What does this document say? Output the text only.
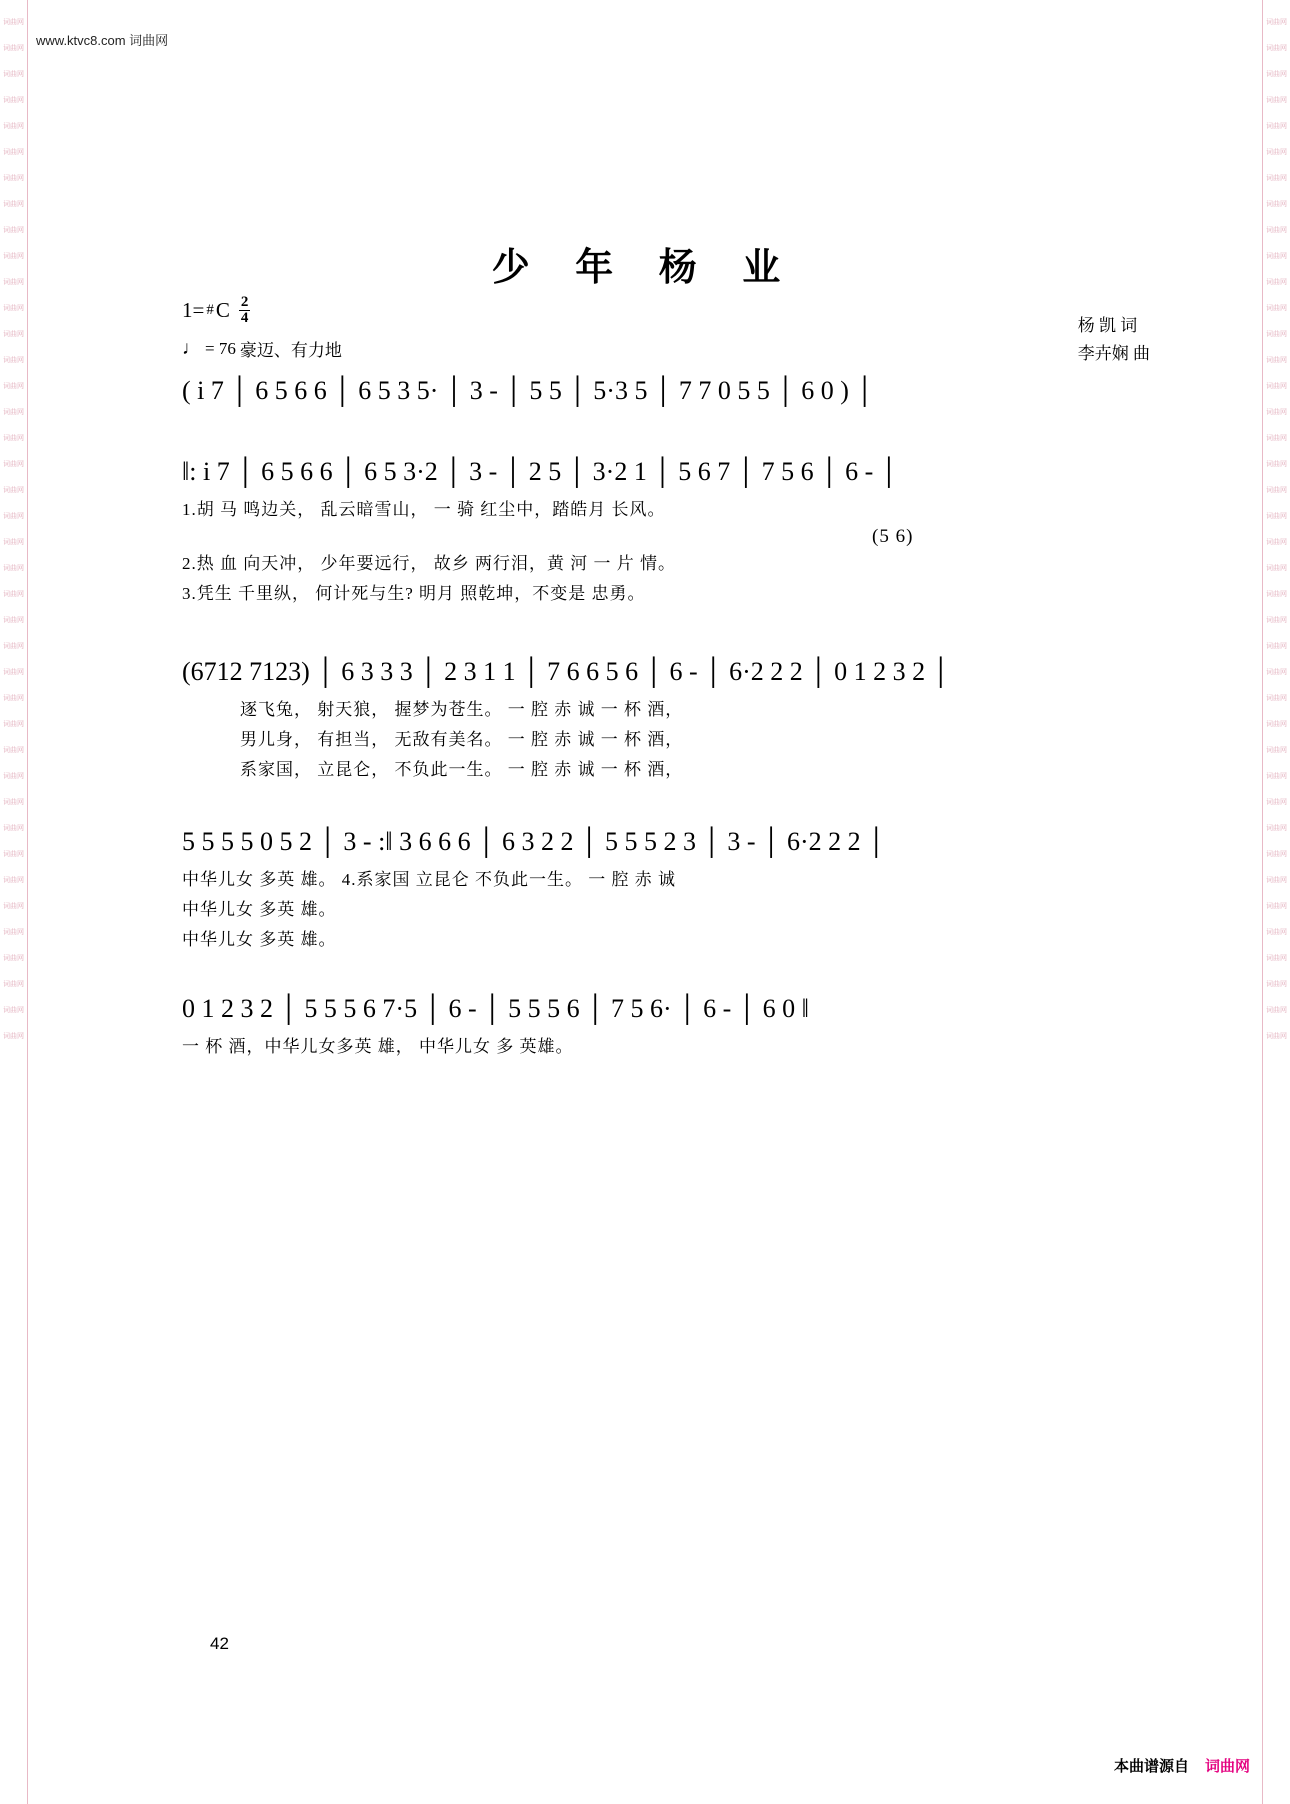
词曲网
词曲网
词曲网
词曲网
词曲网
词曲网
词曲网
词曲网
词曲网
词曲网
词曲网
词曲网
词曲网
词曲网
词曲网
词曲网
词曲网
词曲网
词曲网
词曲网
词曲网
词曲网
词曲网
词曲网
词曲网
词曲网
词曲网
词曲网
词曲网
词曲网
词曲网
词曲网
词曲网
词曲网
词曲网
词曲网
词曲网
词曲网
词曲网
词曲网
词曲网
词曲网
词曲网
词曲网
词曲网
词曲网
词曲网
词曲网
词曲网
词曲网
词曲网
词曲网
词曲网
词曲网
词曲网
词曲网
词曲网
词曲网
词曲网
词曲网
词曲网
词曲网
词曲网
词曲网
词曲网
词曲网
词曲网
词曲网
词曲网
词曲网
词曲网
词曲网
词曲网
词曲网
词曲网
词曲网
词曲网
词曲网
词曲网
词曲网
www.ktvc8.com 词曲网
少 年 杨 业
1= # C $\frac{2}{4}$
♩ = 76 豪迈、有力地
杨 凯 词
李卉娴 曲
( i 7 │ 6 5 6 6 │ 6 5 3 5· │ 3 - │ 5 5 │ 5·3 5 │ 7 7 0 5 5 │ 6 0 ) │
‖: i 7 │ 6 5 6 6 │ 6 5 3·2 │ 3 - │ 2 5 │ 3·2 1 │ 5 6 7 │ 7 5 6 │ 6 - │
1.胡 马 鸣边关， 乱云暗雪山， 一 骑 红尘中，踏皓月 长风。
(5 6)
2.热 血 向天冲， 少年要远行， 故乡 两行泪，黄 河 一 片 情。
3.凭生 千里纵， 何计死与生? 明月 照乾坤，不变是 忠勇。
(6712 7123) │ 6 3 3 3 │ 2 3 1 1 │ 7 6 6 5 6 │ 6 - │ 6·2 2 2 │ 0 1 2 3 2 │
逐飞兔， 射天狼， 握梦为苍生。 一 腔 赤 诚 一 杯 酒，
男儿身， 有担当， 无敌有美名。 一 腔 赤 诚 一 杯 酒，
系家国， 立昆仑， 不负此一生。 一 腔 赤 诚 一 杯 酒，
5 5 5 5 0 5 2 │ 3 - :‖ 3 6 6 6 │ 6 3 2 2 │ 5 5 5 2 3 │ 3 - │ 6·2 2 2 │
中华儿女 多英 雄。 4.系家国 立昆仑 不负此一生。 一 腔 赤 诚
中华儿女 多英 雄。
中华儿女 多英 雄。
0 1 2 3 2 │ 5 5 5 6 7·5 │ 6 - │ 5 5 5 6 │ 7 5 6· │ 6 - │ 6 0 ‖
一 杯 酒，中华儿女多英 雄， 中华儿女 多 英雄。
42
本曲谱源自 词曲网
